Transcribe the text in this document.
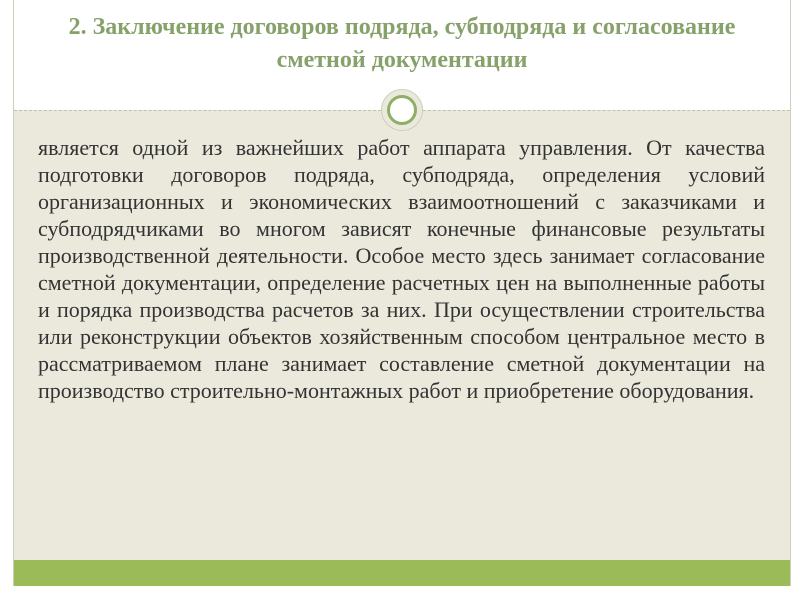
2. Заключение договоров подряда, субподряда и согласование сметной документации

является одной из важнейших работ аппарата управления. От качества подготовки договоров подряда, субподряда, определения условий организационных и экономических взаимоотношений с заказчиками и субподрядчиками во многом зависят конечные финансовые результаты производственной деятельности. Особое место здесь занимает согласование сметной документации, определение расчетных цен на выполненные работы и порядка производства расчетов за них. При осуществлении строительства или реконструкции объектов хозяйственным способом центральное место в рассматриваемом плане занимает составление сметной документации на производство строительно-монтажных работ и приобретение оборудования.
